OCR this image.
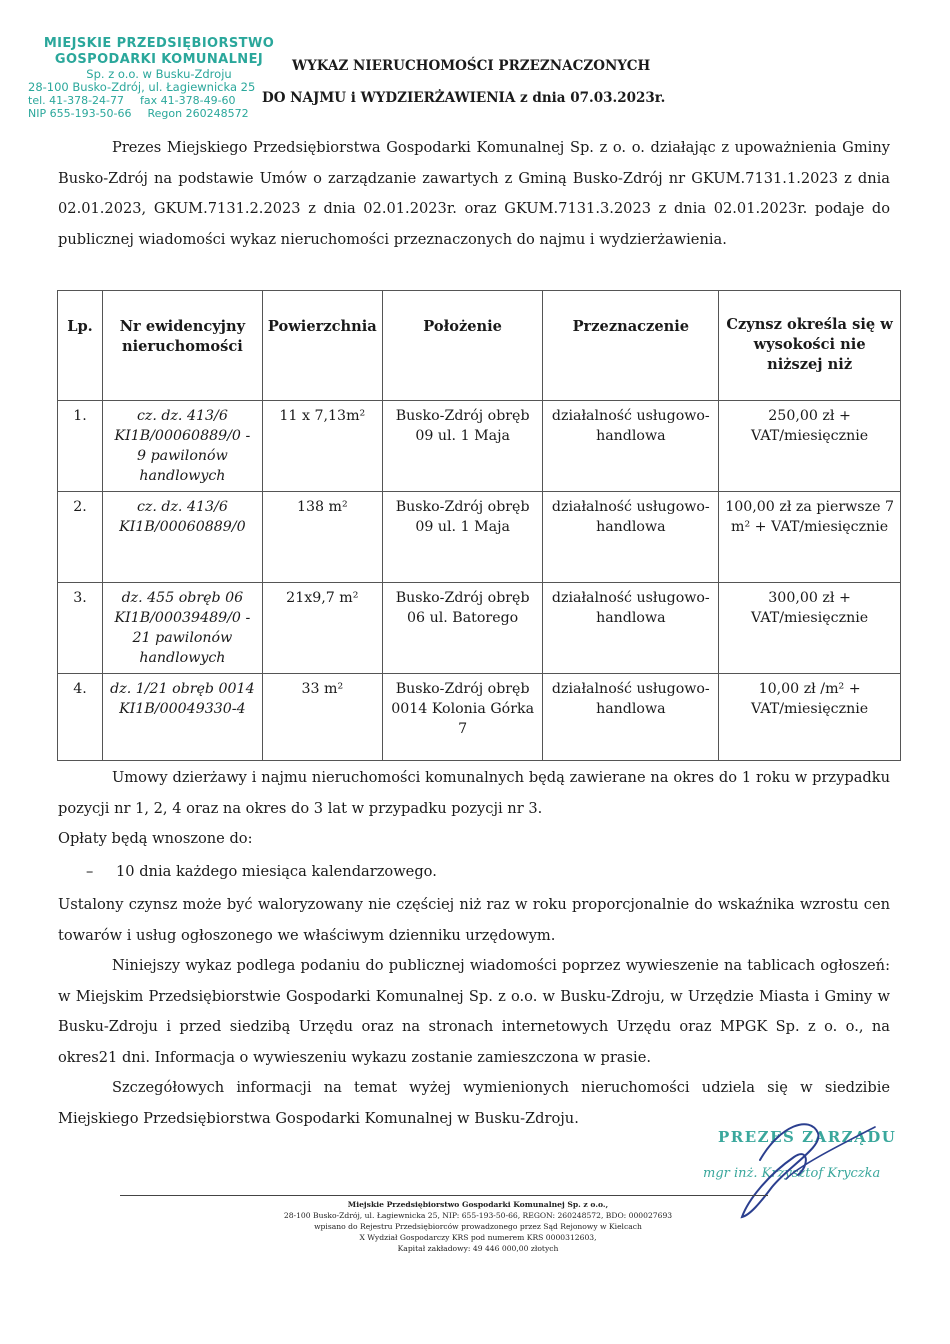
MIEJSKIE PRZEDSIĘBIORSTWO
GOSPODARKI KOMUNALNEJ
Sp. z o.o. w Busku-Zdroju
28-100 Busko-Zdrój, ul. Łagiewnicka 25
tel. 41-378-24-77 fax 41-378-49-60
NIP 655-193-50-66 Regon 260248572
WYKAZ NIERUCHOMOŚCI PRZEZNACZONYCH
DO NAJMU i WYDZIERŻAWIENIA z dnia 07.03.2023r.
Prezes Miejskiego Przedsiębiorstwa Gospodarki Komunalnej Sp. z o. o. działając z upoważnienia Gminy Busko-Zdrój na podstawie Umów o zarządzanie zawartych z Gminą Busko-Zdrój nr GKUM.7131.1.2023 z dnia 02.01.2023, GKUM.7131.2.2023 z dnia 02.01.2023r. oraz GKUM.7131.3.2023 z dnia 02.01.2023r. podaje do publicznej wiadomości wykaz nieruchomości przeznaczonych do najmu i wydzierżawienia.
Lp.	Nr ewidencyjny nieruchomości	Powierzchnia	Położenie	Przeznaczenie	Czynsz określa się w wysokości nie niższej niż
1.	cz. dz. 413/6 KI1B/00060889/0 - 9 pawilonów handlowych	11 x 7,13m²	Busko-Zdrój obręb 09 ul. 1 Maja	działalność usługowo-handlowa	250,00 zł + VAT/miesięcznie
2.	cz. dz. 413/6 KI1B/00060889/0	138 m²	Busko-Zdrój obręb 09 ul. 1 Maja	działalność usługowo-handlowa	100,00 zł za pierwsze 7 m² + VAT/miesięcznie
3.	dz. 455 obręb 06 KI1B/00039489/0 - 21 pawilonów handlowych	21x9,7 m²	Busko-Zdrój obręb 06 ul. Batorego	działalność usługowo-handlowa	300,00 zł + VAT/miesięcznie
4.	dz. 1/21 obręb 0014 KI1B/00049330-4	33 m²	Busko-Zdrój obręb 0014 Kolonia Górka 7	działalność usługowo-handlowa	10,00 zł /m² + VAT/miesięcznie
Umowy dzierżawy i najmu nieruchomości komunalnych będą zawierane na okres do 1 roku w przypadku pozycji nr 1, 2, 4 oraz na okres do 3 lat w przypadku pozycji nr 3.
Opłaty będą wnoszone do:
– 10 dnia każdego miesiąca kalendarzowego.
Ustalony czynsz może być waloryzowany nie częściej niż raz w roku proporcjonalnie do wskaźnika wzrostu cen towarów i usług ogłoszonego we właściwym dzienniku urzędowym.
Niniejszy wykaz podlega podaniu do publicznej wiadomości poprzez wywieszenie na tablicach ogłoszeń: w Miejskim Przedsiębiorstwie Gospodarki Komunalnej Sp. z o.o. w Busku-Zdroju, w Urzędzie Miasta i Gminy w Busku-Zdroju i przed siedzibą Urzędu oraz na stronach internetowych Urzędu oraz MPGK Sp. z o. o., na okres21 dni. Informacja o wywieszeniu wykazu zostanie zamieszczona w prasie.
Szczegółowych informacji na temat wyżej wymienionych nieruchomości udziela się w siedzibie Miejskiego Przedsiębiorstwa Gospodarki Komunalnej w Busku-Zdroju.
PREZES ZARZĄDU
mgr inż. Krzysztof Kryczka
Miejskie Przedsiębiorstwo Gospodarki Komunalnej Sp. z o.o.,
28-100 Busko-Zdrój, ul. Łagiewnicka 25, NIP: 655-193-50-66, REGON: 260248572, BDO: 000027693
wpisano do Rejestru Przedsiębiorców prowadzonego przez Sąd Rejonowy w Kielcach
X Wydział Gospodarczy KRS pod numerem KRS 0000312603,
Kapitał zakładowy: 49 446 000,00 złotych
